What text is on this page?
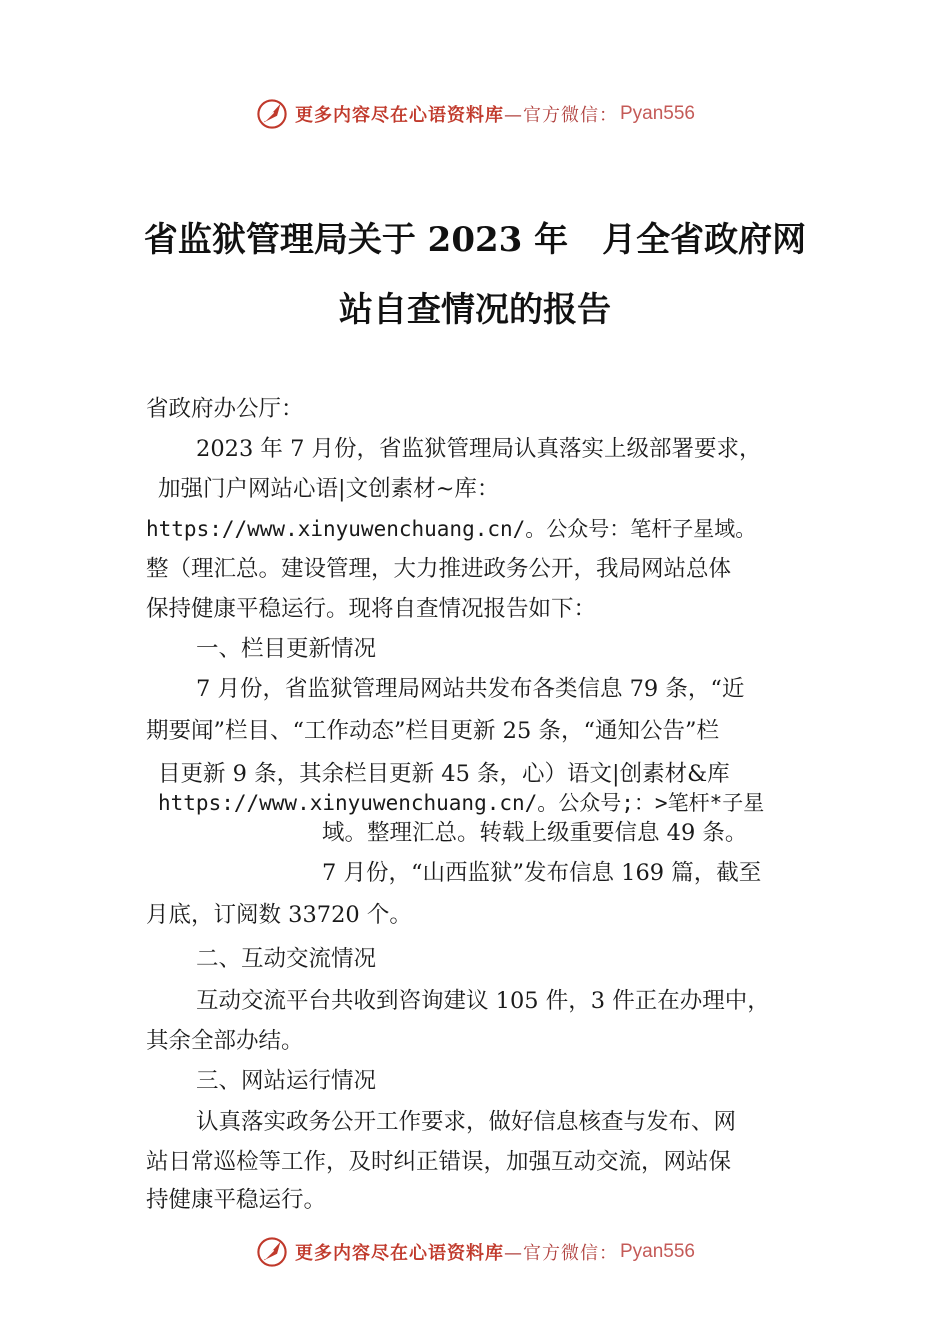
更多内容尽在心语资料库 —官方微信： Pyan556
省监狱管理局关于 2023 年　月全省政府网
站自查情况的报告
省政府办公厅：
2023 年 7 月份，省监狱管理局认真落实上级部署要求，
加强门户网站心语|文创素材~库：
https://www.xinyuwenchuang.cn/。公众号：笔杆子星域。
整（理汇总。建设管理，大力推进政务公开，我局网站总体
保持健康平稳运行。现将自查情况报告如下：
一、栏目更新情况
7 月份，省监狱管理局网站共发布各类信息 79 条，“近
期要闻”栏目、“工作动态”栏目更新 25 条，“通知公告”栏
目更新 9 条，其余栏目更新 45 条，心）语文|创素材&库
https://www.xinyuwenchuang.cn/。公众号;：>笔杆*子星
域。整理汇总。转载上级重要信息 49 条。
7 月份，“山西监狱”发布信息 169 篇，截至
月底，订阅数 33720 个。
二、互动交流情况
互动交流平台共收到咨询建议 105 件，3 件正在办理中，
其余全部办结。
三、网站运行情况
认真落实政务公开工作要求，做好信息核查与发布、网
站日常巡检等工作，及时纠正错误，加强互动交流，网站保
持健康平稳运行。
更多内容尽在心语资料库 —官方微信： Pyan556
